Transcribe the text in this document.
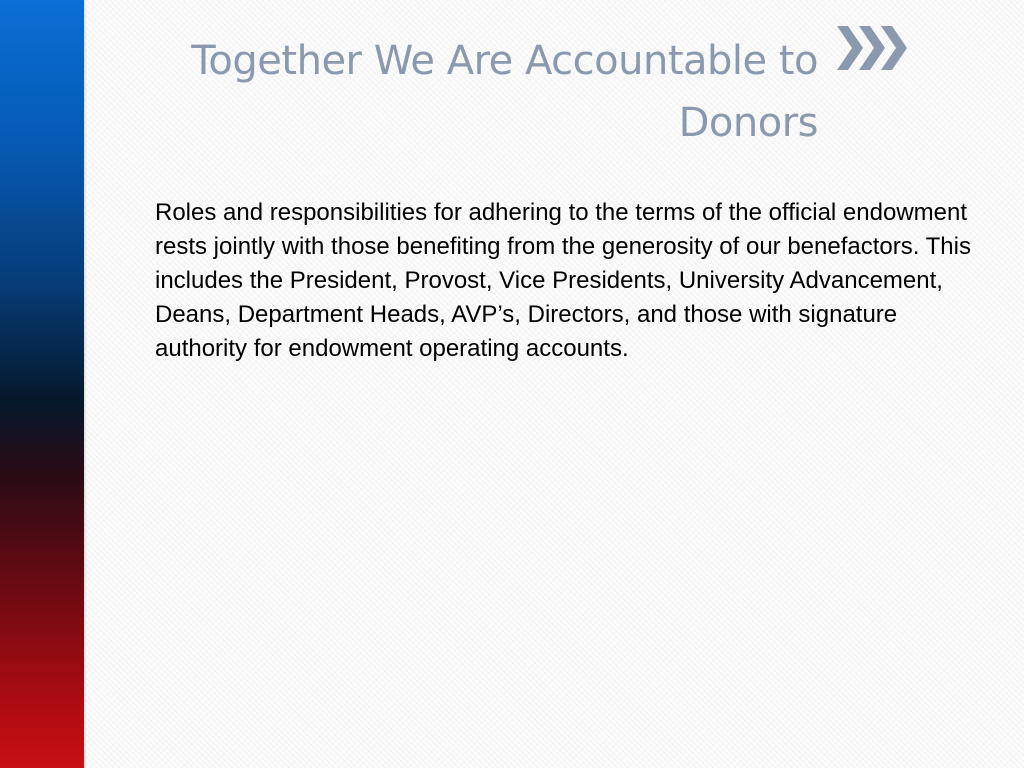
Together We Are Accountable to Donors

Roles and responsibilities for adhering to the terms of the official endowment rests jointly with those benefiting from the generosity of our benefactors. This includes the President, Provost, Vice Presidents, University Advancement, Deans, Department Heads, AVP’s, Directors, and those with signature authority for endowment operating accounts.
